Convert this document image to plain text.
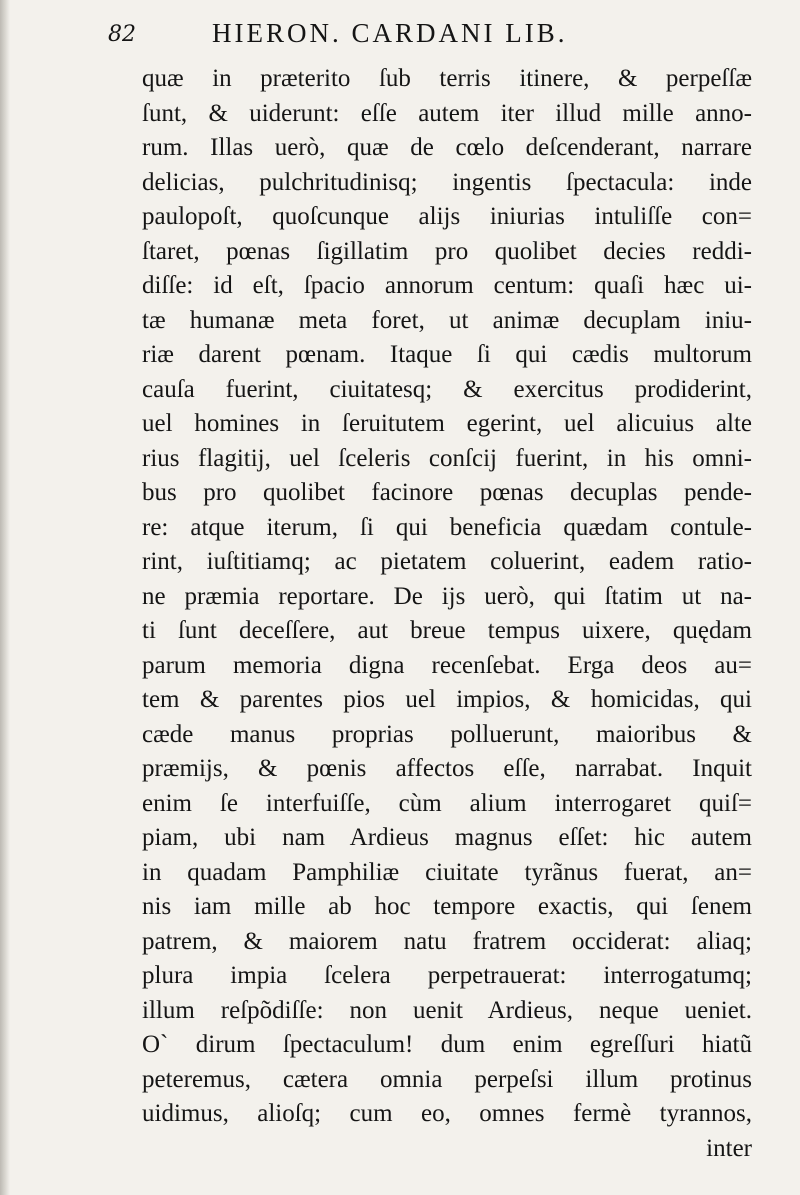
82	HIERON. CARDANI LIB.
quæ in præterito ſub terris itinere, & perpeſſæ
ſunt, & uiderunt: eſſe autem iter illud mille anno-
rum. Illas uerò, quæ de cœlo deſcenderant, narrare
delicias, pulchritudinisq; ingentis ſpectacula: inde
paulopoſt, quoſcunque alijs iniurias intuliſſe con=
ſtaret, pœnas ſigillatim pro quolibet decies reddi-
diſſe: id eſt, ſpacio annorum centum: quaſi hæc ui-
tæ humanæ meta foret, ut animæ decuplam iniu-
riæ darent pœnam. Itaque ſi qui cædis multorum
cauſa fuerint, ciuitatesq; & exercitus prodiderint,
uel homines in ſeruitutem egerint, uel alicuius alte
rius flagitij, uel ſceleris conſcij fuerint, in his omni-
bus pro quolibet facinore pœnas decuplas pende-
re: atque iterum, ſi qui beneficia quædam contule-
rint, iuſtitiamq; ac pietatem coluerint, eadem ratio-
ne præmia reportare. De ijs uerò, qui ſtatim ut na-
ti ſunt deceſſere, aut breue tempus uixere, quędam
parum memoria digna recenſebat. Erga deos au=
tem & parentes pios uel impios, & homicidas, qui
cæde manus proprias polluerunt, maioribus &
præmijs, & pœnis affectos eſſe, narrabat. Inquit
enim ſe interfuiſſe, cùm alium interrogaret quiſ=
piam, ubi nam Ardieus magnus eſſet: hic autem
in quadam Pamphiliæ ciuitate tyrãnus fuerat, an=
nis iam mille ab hoc tempore exactis, qui ſenem
patrem, & maiorem natu fratrem occiderat: aliaq;
plura impia ſcelera perpetrauerat: interrogatumq;
illum reſpõdiſſe: non uenit Ardieus, neque ueniet.
O` dirum ſpectaculum! dum enim egreſſuri hiatũ
peteremus, cætera omnia perpeſsi illum protinus
uidimus, alioſq; cum eo, omnes fermè tyrannos,
inter
